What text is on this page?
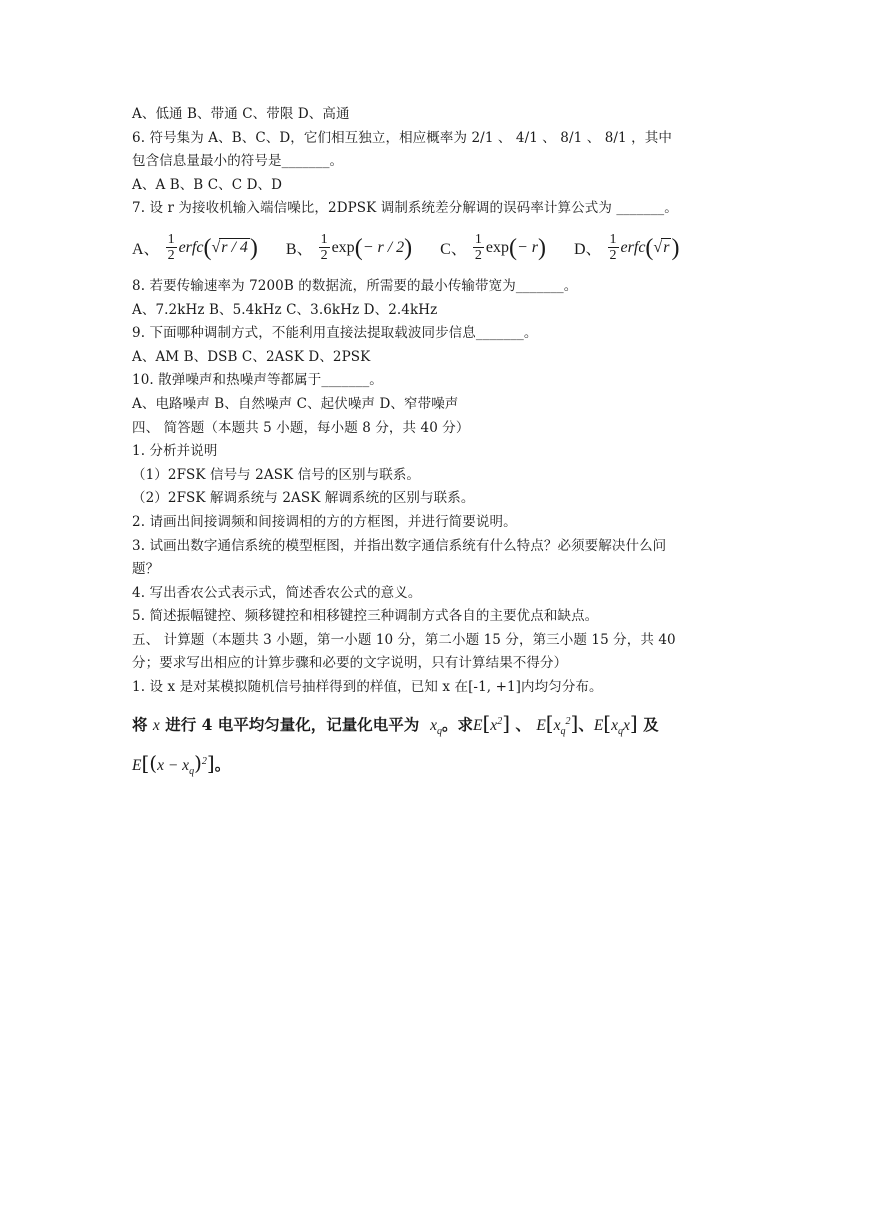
A、低通 B、带通 C、带限 D、高通
6. 符号集为 A、B、C、D，它们相互独立，相应概率为 2/1 、 4/1 、 8/1 、 8/1 ，其中
包含信息量最小的符号是_______。
A、A B、B C、C D、D
7. 设 r 为接收机输入端信噪比，2DPSK 调制系统差分解调的误码率计算公式为 _______。
A、 $\frac{1}{2}$ erfc ( √ r / 4 ) B、 $\frac{1}{2}$ exp ( − r / 2 ) C、 $\frac{1}{2}$ exp ( − r ) D、 $\frac{1}{2}$ erfc ( √ r )
8. 若要传输速率为 7200B 的数据流，所需要的最小传输带宽为_______。
A、7.2kHz B、5.4kHz C、3.6kHz D、2.4kHz
9. 下面哪种调制方式，不能利用直接法提取载波同步信息_______。
A、AM B、DSB C、2ASK D、2PSK
10. 散弹噪声和热噪声等都属于_______。
A、电路噪声 B、自然噪声 C、起伏噪声 D、窄带噪声
四、 简答题（本题共 5 小题，每小题 8 分，共 40 分）
1. 分析并说明
（1）2FSK 信号与 2ASK 信号的区别与联系。
（2）2FSK 解调系统与 2ASK 解调系统的区别与联系。
2. 请画出间接调频和间接调相的方的方框图，并进行简要说明。
3. 试画出数字通信系统的模型框图，并指出数字通信系统有什么特点？必须要解决什么问
题？
4. 写出香农公式表示式，简述香农公式的意义。
5. 简述振幅键控、频移键控和相移键控三种调制方式各自的主要优点和缺点。
五、 计算题（本题共 3 小题，第一小题 10 分，第二小题 15 分，第三小题 15 分，共 40
分；要求写出相应的计算步骤和必要的文字说明，只有计算结果不得分）
1. 设 x 是对某模拟随机信号抽样得到的样值，已知 x 在[-1, +1]内均匀分布。
将 x 进行 4 电平均匀量化，记量化电平为 $x_q$。求$E[x^2]$ 、 $E[x_q^2]$、$E[x_qx]$ 及
$E[(x - x_q)^2]$。
